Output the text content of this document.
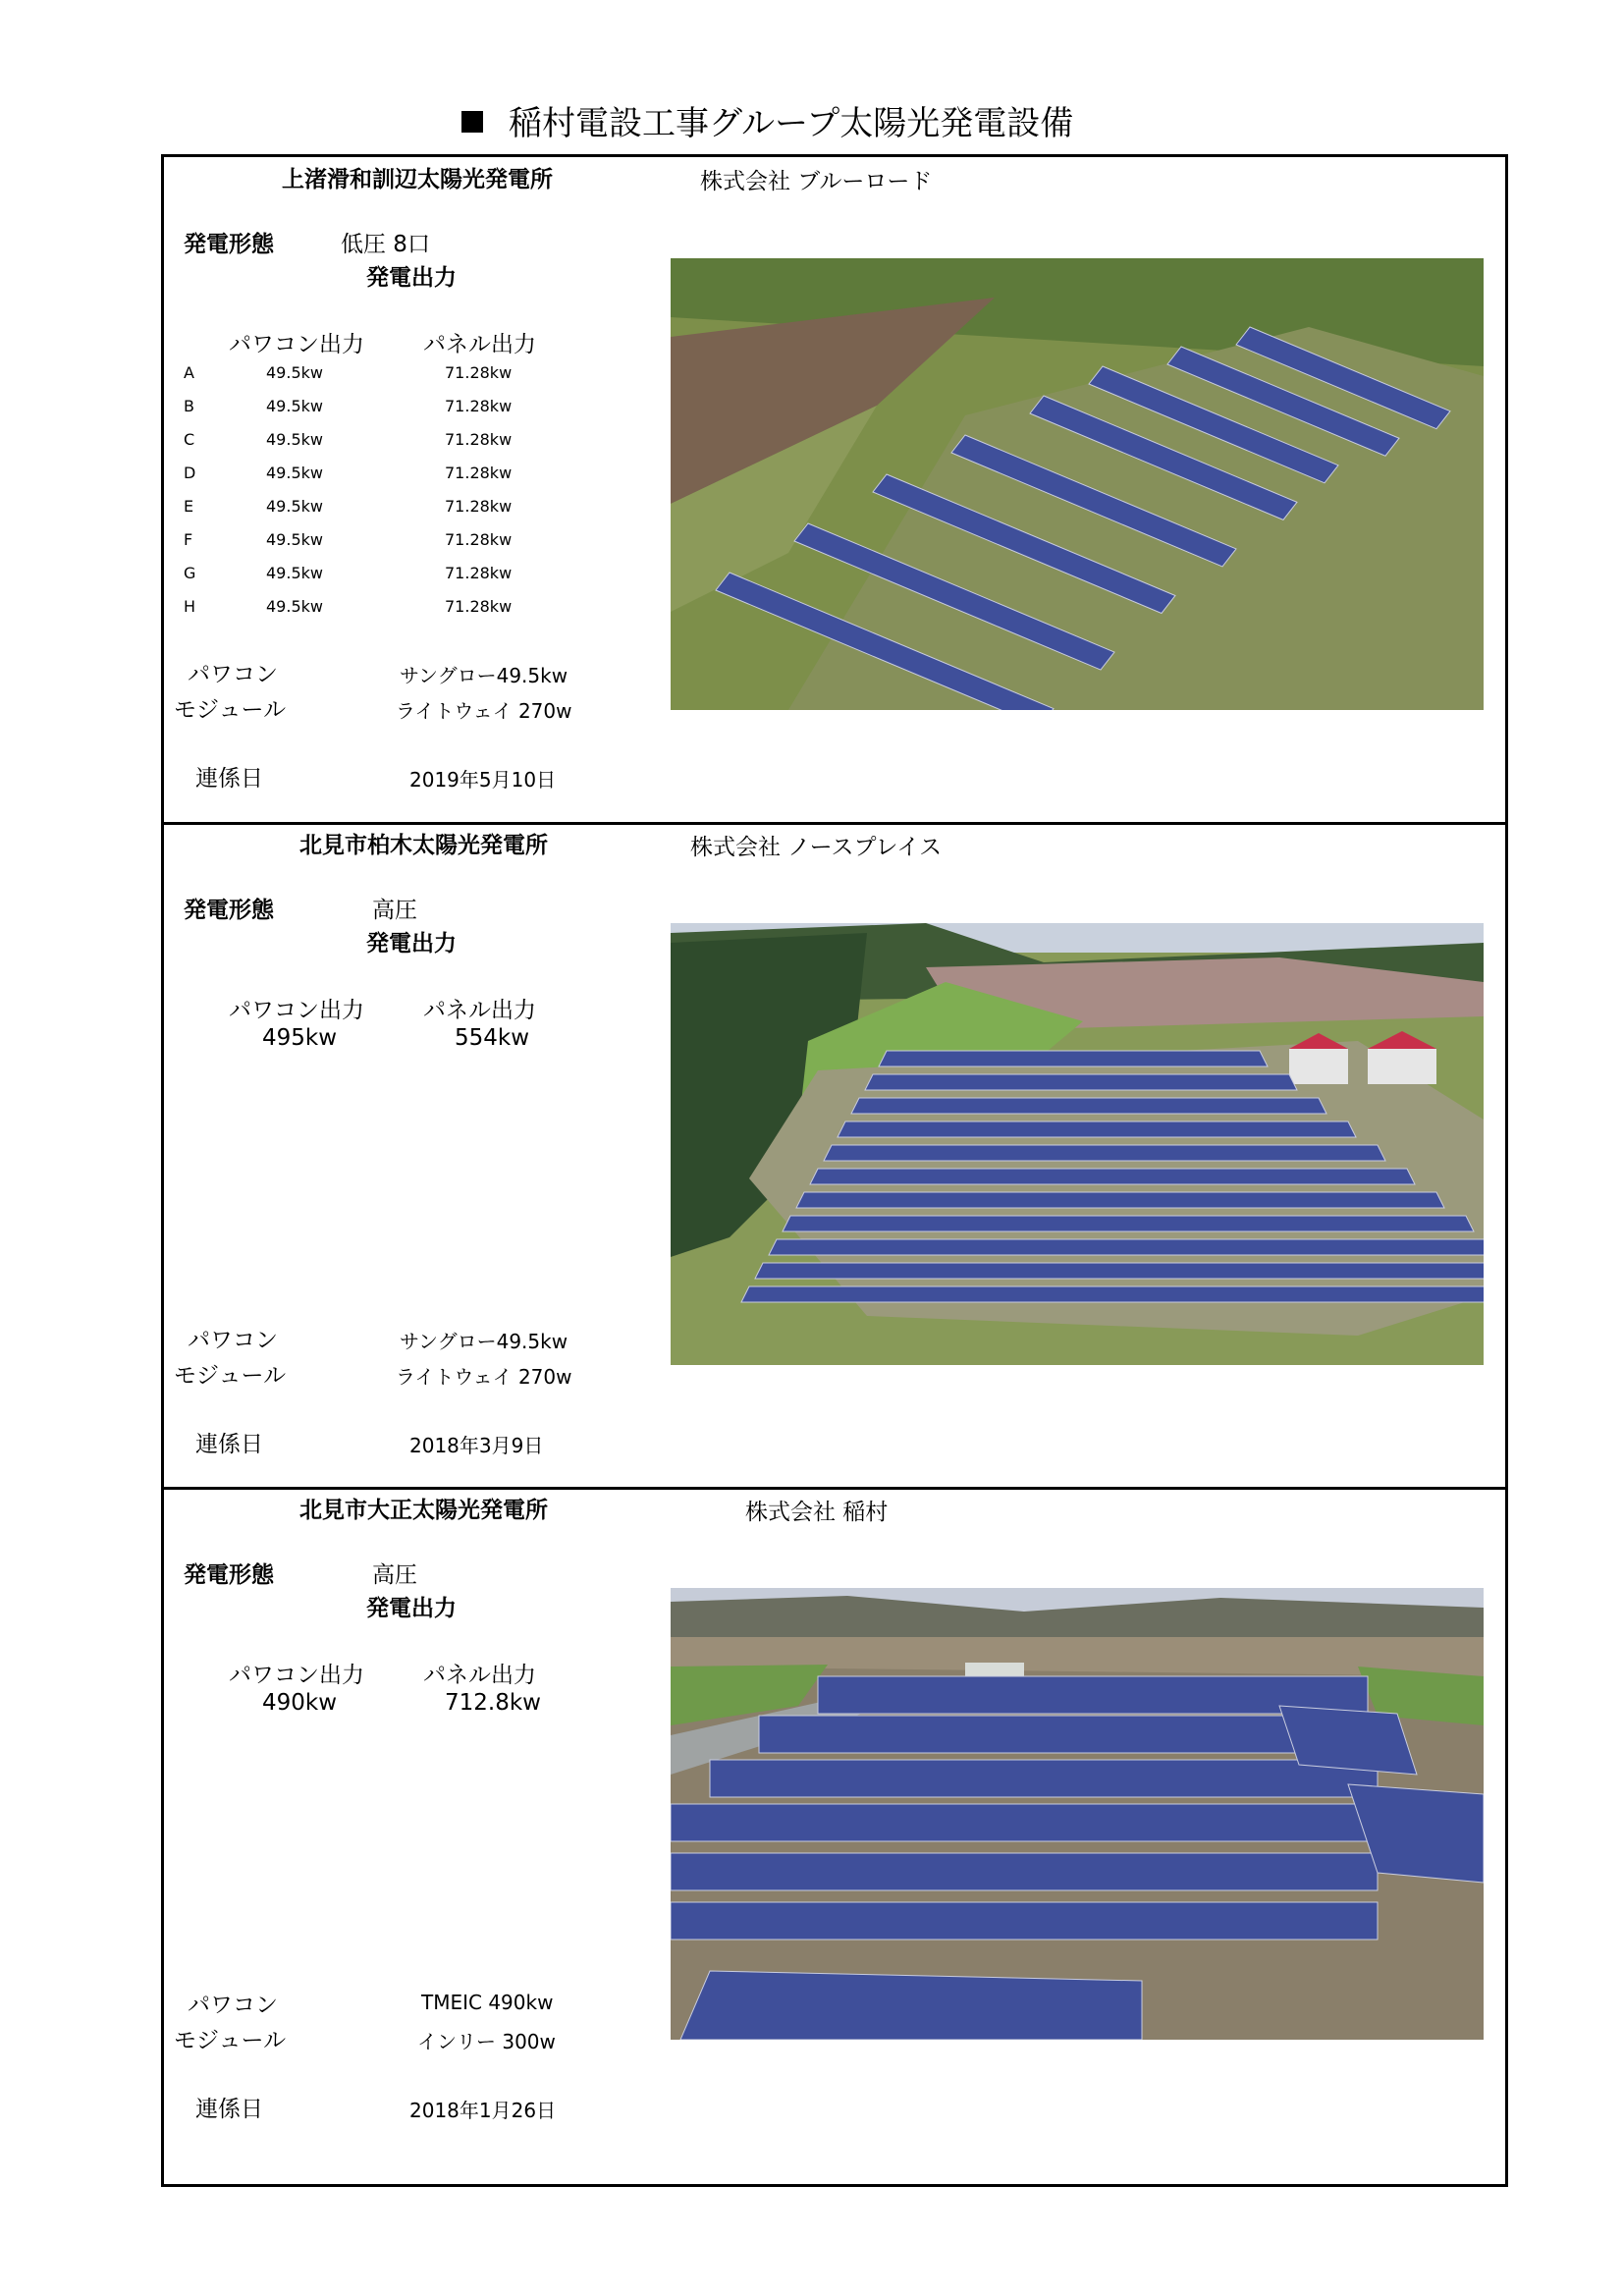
稲村電設工事グループ太陽光発電設備
上渚滑和訓辺太陽光発電所	株式会社 ブルーロード
発電形態	低圧 8口
発電出力
パワコン出力	パネル出力
A	49.5kw	71.28kw
B	49.5kw	71.28kw
C	49.5kw	71.28kw
D	49.5kw	71.28kw
E	49.5kw	71.28kw
F	49.5kw	71.28kw
G	49.5kw	71.28kw
H	49.5kw	71.28kw
パワコン	サングロー49.5kw
モジュール	ライトウェイ 270w
連係日	2019年5月10日
北見市柏木太陽光発電所	株式会社 ノースプレイス
発電形態	高圧
発電出力
パワコン出力	パネル出力
495kw	554kw
パワコン	サングロー49.5kw
モジュール	ライトウェイ 270w
連係日	2018年3月9日
北見市大正太陽光発電所	株式会社 稲村
発電形態	高圧
発電出力
パワコン出力	パネル出力
490kw	712.8kw
パワコン	TMEIC 490kw
モジュール	インリー 300w
連係日	2018年1月26日
